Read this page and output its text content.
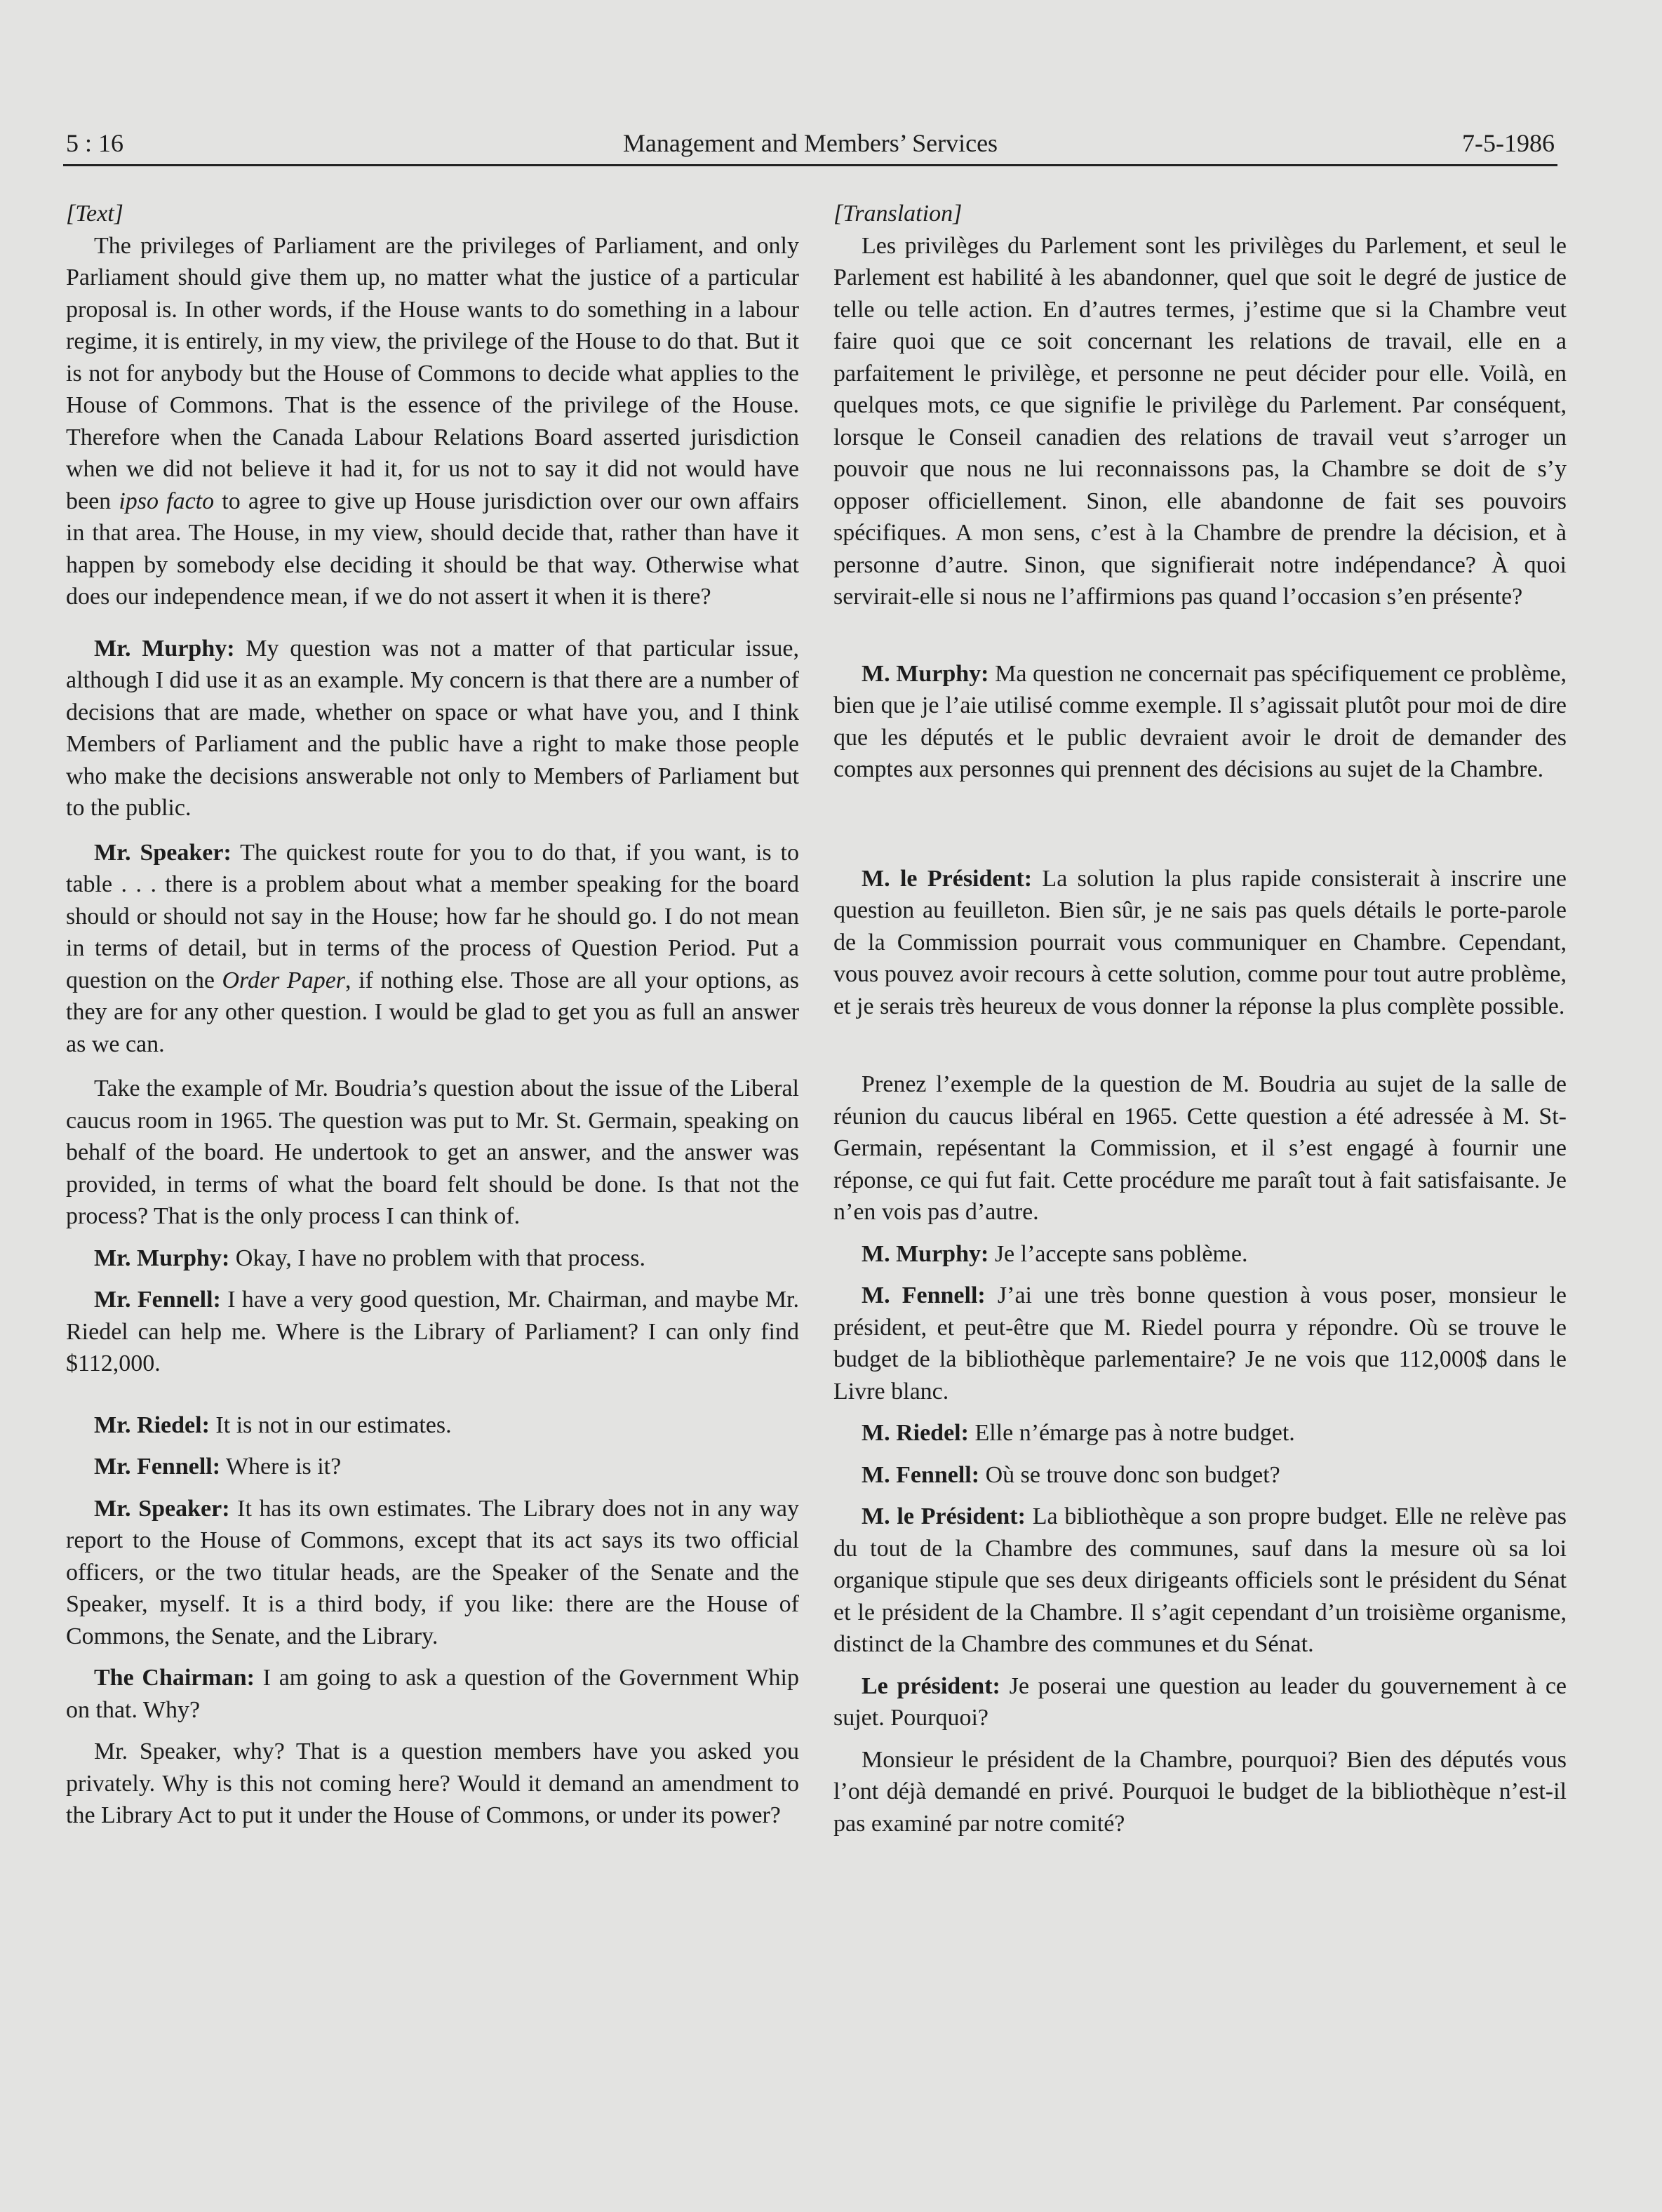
5 : 16	Management and Members’ Services	7-5-1986

[Text]

The privileges of Parliament are the privileges of Parliament, and only Parliament should give them up, no matter what the justice of a particular proposal is. In other words, if the House wants to do something in a labour regime, it is entirely, in my view, the privilege of the House to do that. But it is not for anybody but the House of Commons to decide what applies to the House of Commons. That is the essence of the privilege of the House. Therefore when the Canada Labour Relations Board asserted jurisdiction when we did not believe it had it, for us not to say it did not would have been ipso facto to agree to give up House jurisdiction over our own affairs in that area. The House, in my view, should decide that, rather than have it happen by somebody else deciding it should be that way. Otherwise what does our independence mean, if we do not assert it when it is there?

Mr. Murphy: My question was not a matter of that particular issue, although I did use it as an example. My concern is that there are a number of decisions that are made, whether on space or what have you, and I think Members of Parliament and the public have a right to make those people who make the decisions answerable not only to Members of Parliament but to the public.

Mr. Speaker: The quickest route for you to do that, if you want, is to table . . . there is a problem about what a member speaking for the board should or should not say in the House; how far he should go. I do not mean in terms of detail, but in terms of the process of Question Period. Put a question on the Order Paper, if nothing else. Those are all your options, as they are for any other question. I would be glad to get you as full an answer as we can.

Take the example of Mr. Boudria’s question about the issue of the Liberal caucus room in 1965. The question was put to Mr. St. Germain, speaking on behalf of the board. He undertook to get an answer, and the answer was provided, in terms of what the board felt should be done. Is that not the process? That is the only process I can think of.

Mr. Murphy: Okay, I have no problem with that process.

Mr. Fennell: I have a very good question, Mr. Chairman, and maybe Mr. Riedel can help me. Where is the Library of Parliament? I can only find $112,000.

Mr. Riedel: It is not in our estimates.

Mr. Fennell: Where is it?

Mr. Speaker: It has its own estimates. The Library does not in any way report to the House of Commons, except that its act says its two official officers, or the two titular heads, are the Speaker of the Senate and the Speaker, myself. It is a third body, if you like: there are the House of Commons, the Senate, and the Library.

The Chairman: I am going to ask a question of the Government Whip on that. Why?

Mr. Speaker, why? That is a question members have you asked you privately. Why is this not coming here? Would it demand an amendment to the Library Act to put it under the House of Commons, or under its power?

[Translation]

Les privilèges du Parlement sont les privilèges du Parlement, et seul le Parlement est habilité à les abandonner, quel que soit le degré de justice de telle ou telle action. En d’autres termes, j’estime que si la Chambre veut faire quoi que ce soit concernant les relations de travail, elle en a parfaitement le privilège, et personne ne peut décider pour elle. Voilà, en quelques mots, ce que signifie le privilège du Parlement. Par conséquent, lorsque le Conseil canadien des relations de travail veut s’arroger un pouvoir que nous ne lui reconnaissons pas, la Chambre se doit de s’y opposer officiellement. Sinon, elle abandonne de fait ses pouvoirs spécifiques. A mon sens, c’est à la Chambre de prendre la décision, et à personne d’autre. Sinon, que signifierait notre indépendance? À quoi servirait-elle si nous ne l’affirmions pas quand l’occasion s’en présente?

M. Murphy: Ma question ne concernait pas spécifiquement ce problème, bien que je l’aie utilisé comme exemple. Il s’agissait plutôt pour moi de dire que les députés et le public devraient avoir le droit de demander des comptes aux personnes qui prennent des décisions au sujet de la Chambre.

M. le Président: La solution la plus rapide consisterait à inscrire une question au feuilleton. Bien sûr, je ne sais pas quels détails le porte-parole de la Commission pourrait vous communiquer en Chambre. Cependant, vous pouvez avoir recours à cette solution, comme pour tout autre problème, et je serais très heureux de vous donner la réponse la plus complète possible.

Prenez l’exemple de la question de M. Boudria au sujet de la salle de réunion du caucus libéral en 1965. Cette question a été adressée à M. St-Germain, repésentant la Commission, et il s’est engagé à fournir une réponse, ce qui fut fait. Cette procédure me paraît tout à fait satisfaisante. Je n’en vois pas d’autre.

M. Murphy: Je l’accepte sans poblème.

M. Fennell: J’ai une très bonne question à vous poser, monsieur le président, et peut-être que M. Riedel pourra y répondre. Où se trouve le budget de la bibliothèque parlementaire? Je ne vois que 112,000$ dans le Livre blanc.

M. Riedel: Elle n’émarge pas à notre budget.

M. Fennell: Où se trouve donc son budget?

M. le Président: La bibliothèque a son propre budget. Elle ne relève pas du tout de la Chambre des communes, sauf dans la mesure où sa loi organique stipule que ses deux dirigeants officiels sont le président du Sénat et le président de la Chambre. Il s’agit cependant d’un troisième organisme, distinct de la Chambre des communes et du Sénat.

Le président: Je poserai une question au leader du gouvernement à ce sujet. Pourquoi?

Monsieur le président de la Chambre, pourquoi? Bien des députés vous l’ont déjà demandé en privé. Pourquoi le budget de la bibliothèque n’est-il pas examiné par notre comité?
